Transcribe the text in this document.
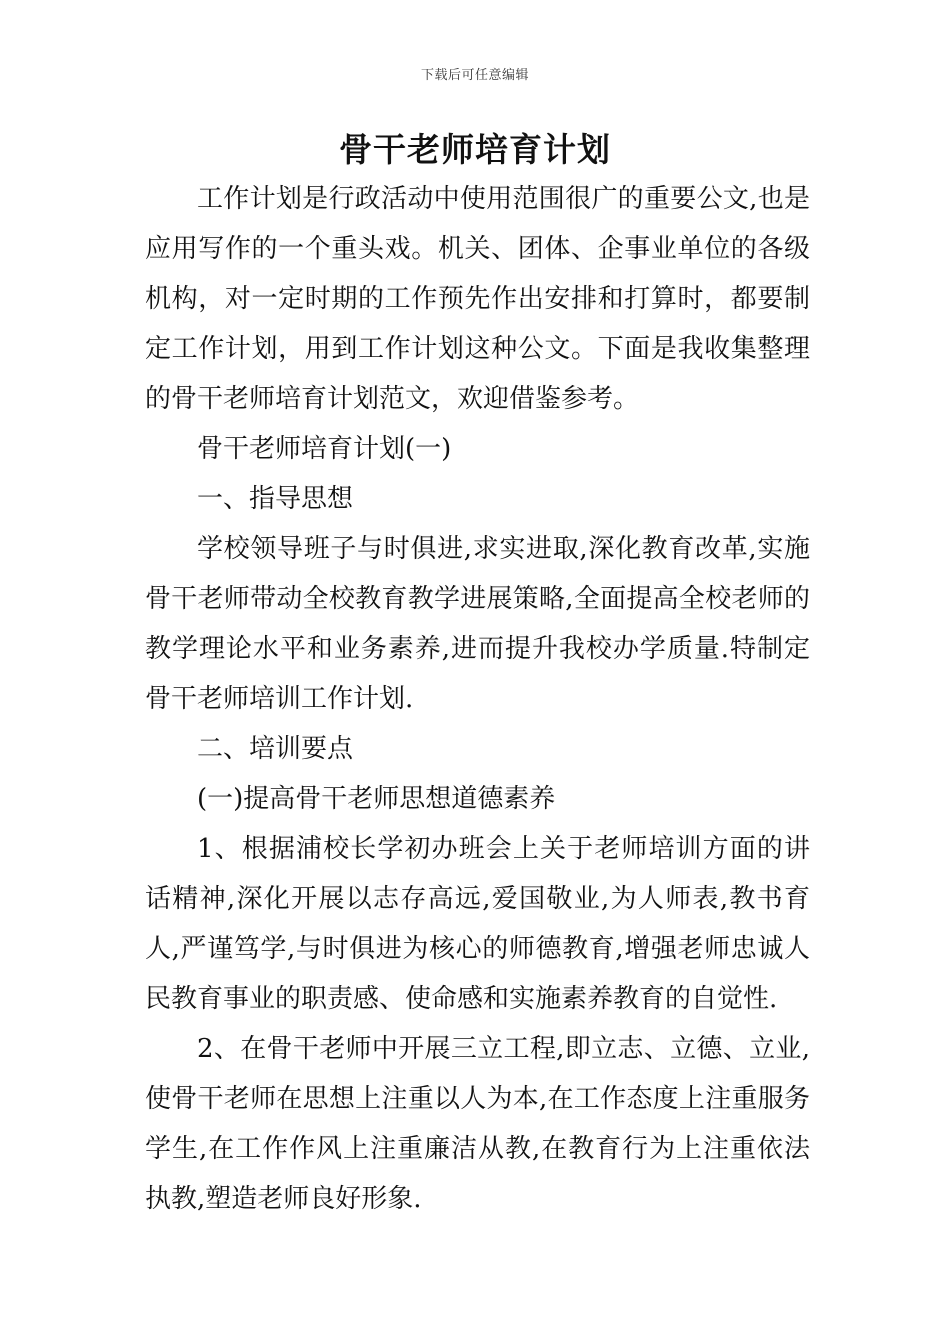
下载后可任意编辑
骨干老师培育计划

工作计划是行政活动中使用范围很广的重要公文,也是应用写作的一个重头戏。机关、团体、企事业单位的各级机构，对一定时期的工作预先作出安排和打算时，都要制定工作计划，用到工作计划这种公文。下面是我收集整理的骨干老师培育计划范文，欢迎借鉴参考。

骨干老师培育计划(一)

一、指导思想

学校领导班子与时俱进,求实进取,深化教育改革,实施骨干老师带动全校教育教学进展策略,全面提高全校老师的教学理论水平和业务素养,进而提升我校办学质量.特制定骨干老师培训工作计划.

二、培训要点

(一)提高骨干老师思想道德素养

1、根据浦校长学初办班会上关于老师培训方面的讲话精神,深化开展以志存高远,爱国敬业,为人师表,教书育人,严谨笃学,与时俱进为核心的师德教育,增强老师忠诚人民教育事业的职责感、使命感和实施素养教育的自觉性.

2、在骨干老师中开展三立工程,即立志、立德、立业,使骨干老师在思想上注重以人为本,在工作态度上注重服务学生,在工作作风上注重廉洁从教,在教育行为上注重依法执教,塑造老师良好形象.
